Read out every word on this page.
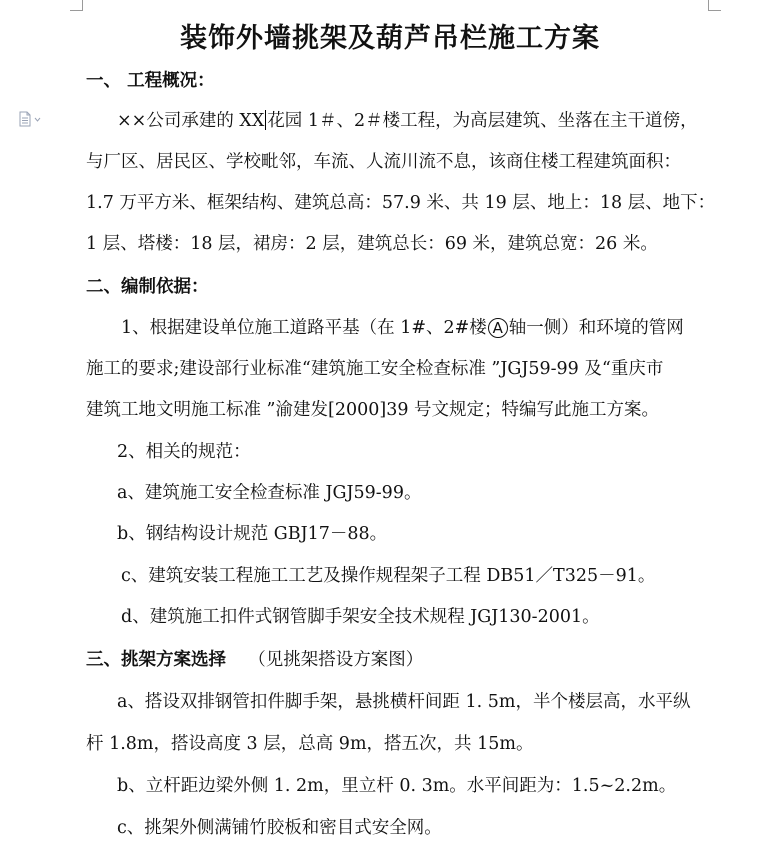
装饰外墙挑架及葫芦吊栏施工方案
一、 工程概况：
××公司承建的 XX 花园 1＃、2＃楼工程，为高层建筑、坐落在主干道傍，
与厂区、居民区、学校毗邻，车流、人流川流不息，该商住楼工程建筑面积：
1.7 万平方米、框架结构、建筑总高：57.9 米、共 19 层、地上：18 层、地下：
1 层、塔楼：18 层，裙房：2 层，建筑总长：69 米，建筑总宽：26 米。
二、编制依据：
1、根据建设单位施工道路平基（在 1#、2#楼 A 轴一侧）和环境的管网
施工的要求;建设部行业标准“建筑施工安全检查标准 ”JGJ59-99 及“重庆市
建筑工地文明施工标准 ”渝建发[2000]39 号文规定；特编写此施工方案。
2、相关的规范：
a、建筑施工安全检查标准 JGJ59-99。
b、钢结构设计规范 GBJ17－88。
c、建筑安装工程施工工艺及操作规程架子工程 DB51／T325－91。
d、建筑施工扣件式钢管脚手架安全技术规程 JGJ130-2001。
三、挑架方案选择 （见挑架搭设方案图）
a、搭设双排钢管扣件脚手架，悬挑横杆间距 1. 5m，半个楼层高，水平纵
杆 1.8m，搭设高度 3 层，总高 9m，搭五次，共 15m。
b、立杆距边梁外侧 1. 2m，里立杆 0. 3m。水平间距为：1.5~2.2m。
c、挑架外侧满铺竹胶板和密目式安全网。
